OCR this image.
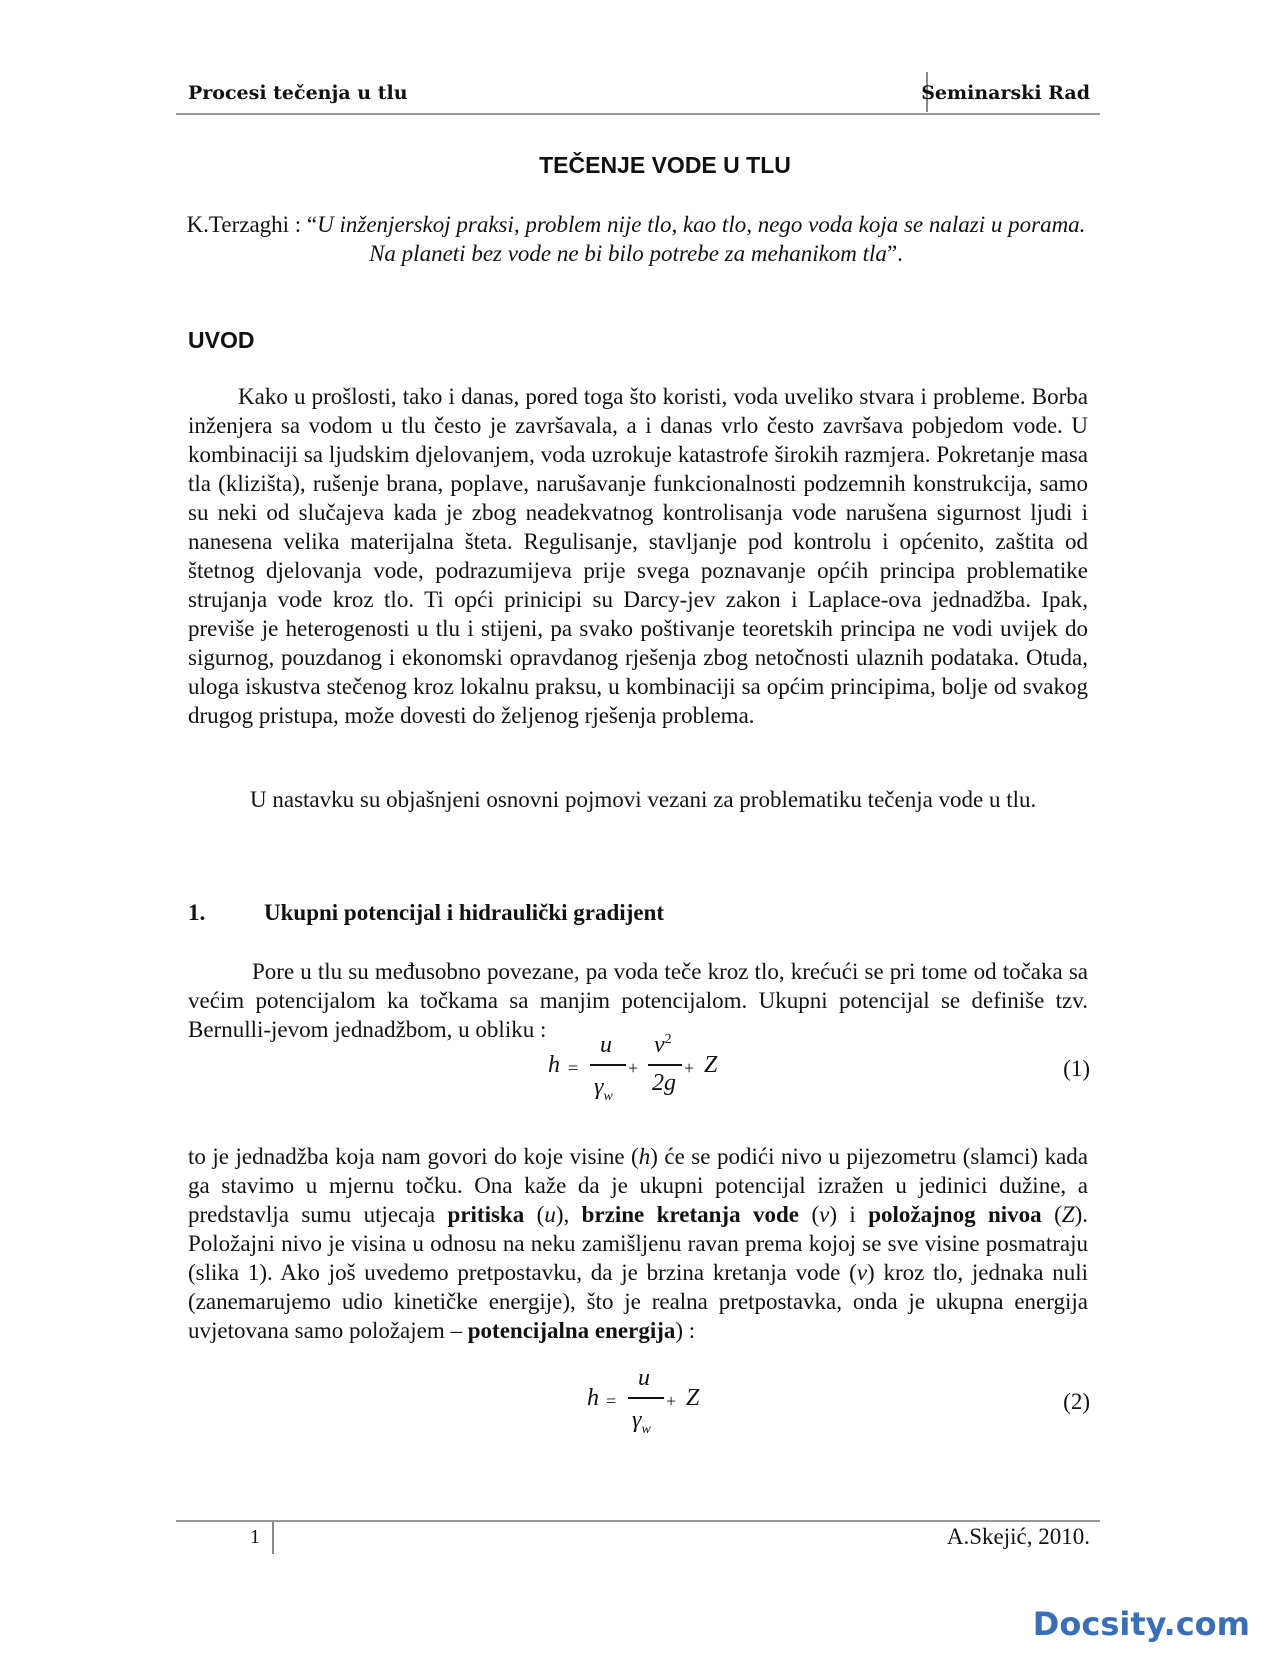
Procesi tečenja u tlu	Seminarski Rad
TEČENJE VODE U TLU
K.Terzaghi : “U inženjerskoj praksi, problem nije tlo, kao tlo, nego voda koja se nalazi u porama. Na planeti bez vode ne bi bilo potrebe za mehanikom tla”.
UVOD
Kako u prošlosti, tako i danas, pored toga što koristi, voda uveliko stvara i probleme. Borba inženjera sa vodom u tlu često je završavala, a i danas vrlo često završava pobjedom vode. U kombinaciji sa ljudskim djelovanjem, voda uzrokuje katastrofe širokih razmjera. Pokretanje masa tla (klizišta), rušenje brana, poplave, narušavanje funkcionalnosti podzemnih konstrukcija, samo su neki od slučajeva kada je zbog neadekvatnog kontrolisanja vode narušena sigurnost ljudi i nanesena velika materijalna šteta. Regulisanje, stavljanje pod kontrolu i općenito, zaštita od štetnog djelovanja vode, podrazumijeva prije svega poznavanje općih principa problematike strujanja vode kroz tlo. Ti opći prinicipi su Darcy-jev zakon i Laplace-ova jednadžba. Ipak, previše je heterogenosti u tlu i stijeni, pa svako poštivanje teoretskih principa ne vodi uvijek do sigurnog, pouzdanog i ekonomski opravdanog rješenja zbog netočnosti ulaznih podataka. Otuda, uloga iskustva stečenog kroz lokalnu praksu, u kombinaciji sa općim principima, bolje od svakog drugog pristupa, može dovesti do željenog rješenja problema.
U nastavku su objašnjeni osnovni pojmovi vezani za problematiku tečenja vode u tlu.
1.	Ukupni potencijal i hidraulički gradijent
Pore u tlu su međusobno povezane, pa voda teče kroz tlo, krećući se pri tome od točaka sa većim potencijalom ka točkama sa manjim potencijalom. Ukupni potencijal se definiše tzv. Bernulli-jevom jednadžbom, u obliku :
h =
u
$\gamma_w$
+
$v^2$
2g
+ Z	(1)
to je jednadžba koja nam govori do koje visine (h) će se podići nivo u pijezometru (slamci) kada ga stavimo u mjernu točku. Ona kaže da je ukupni potencijal izražen u jedinici dužine, a predstavlja sumu utjecaja pritiska (u), brzine kretanja vode (v) i položajnog nivoa (Z). Položajni nivo je visina u odnosu na neku zamišljenu ravan prema kojoj se sve visine posmatraju (slika 1). Ako još uvedemo pretpostavku, da je brzina kretanja vode (v) kroz tlo, jednaka nuli (zanemarujemo udio kinetičke energije), što je realna pretpostavka, onda je ukupna energija uvjetovana samo položajem – potencijalna energija) :
h =
u
$\gamma_w$
+ Z	(2)
1	A.Skejić, 2010.
Docsity.com
